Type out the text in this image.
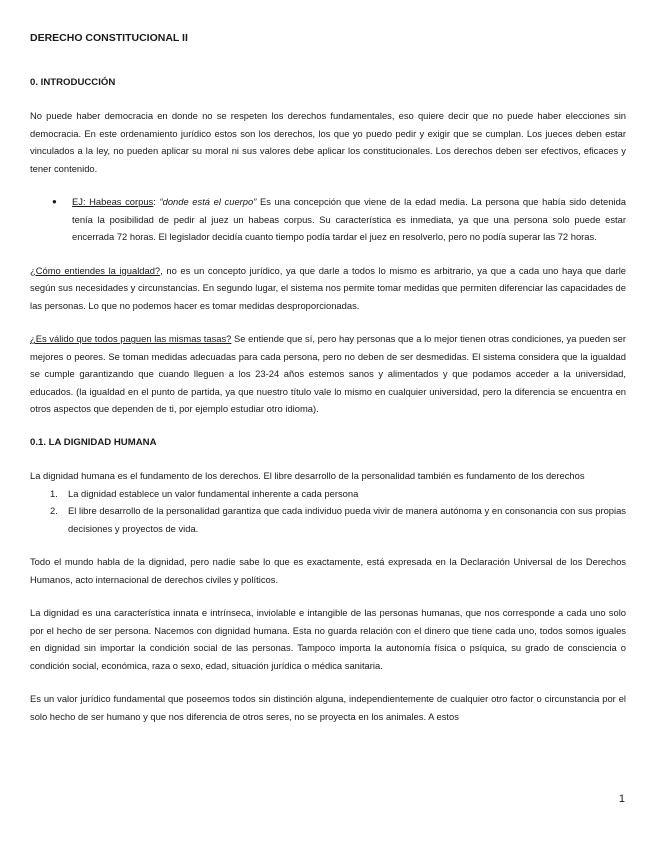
DERECHO CONSTITUCIONAL II
0. INTRODUCCIÓN

No puede haber democracia en donde no se respeten los derechos fundamentales, eso quiere decir que no puede haber elecciones sin democracia. En este ordenamiento jurídico estos son los derechos, los que yo puedo pedir y exigir que se cumplan. Los jueces deben estar vinculados a la ley, no pueden aplicar su moral ni sus valores debe aplicar los constitucionales. Los derechos deben ser efectivos, eficaces y tener contenido.

● EJ: Habeas corpus: “donde está el cuerpo” Es una concepción que viene de la edad media. La persona que había sido detenida tenía la posibilidad de pedir al juez un habeas corpus. Su característica es inmediata, ya que una persona solo puede estar encerrada 72 horas. El legislador decidía cuanto tiempo podía tardar el juez en resolverlo, pero no podía superar las 72 horas.

¿Cómo entiendes la igualdad?, no es un concepto jurídico, ya que darle a todos lo mismo es arbitrario, ya que a cada uno haya que darle según sus necesidades y circunstancias. En segundo lugar, el sistema nos permite tomar medidas que permiten diferenciar las capacidades de las personas. Lo que no podemos hacer es tomar medidas desproporcionadas.

¿Es válido que todos paguen las mismas tasas? Se entiende que sí, pero hay personas que a lo mejor tienen otras condiciones, ya pueden ser mejores o peores. Se toman medidas adecuadas para cada persona, pero no deben de ser desmedidas. El sistema considera que la igualdad se cumple garantizando que cuando lleguen a los 23-24 años estemos sanos y alimentados y que podamos acceder a la universidad, educados. (la igualdad en el punto de partida, ya que nuestro título vale lo mismo en cualquier universidad, pero la diferencia se encuentra en otros aspectos que dependen de ti, por ejemplo estudiar otro idioma).

0.1. LA DIGNIDAD HUMANA

La dignidad humana es el fundamento de los derechos. El libre desarrollo de la personalidad también es fundamento de los derechos

1. La dignidad establece un valor fundamental inherente a cada persona
2. El libre desarrollo de la personalidad garantiza que cada individuo pueda vivir de manera autónoma y en consonancia con sus propias decisiones y proyectos de vida.

Todo el mundo habla de la dignidad, pero nadie sabe lo que es exactamente, está expresada en la Declaración Universal de los Derechos Humanos, acto internacional de derechos civiles y políticos.

La dignidad es una característica innata e intrínseca, inviolable e intangible de las personas humanas, que nos corresponde a cada uno solo por el hecho de ser persona. Nacemos con dignidad humana. Esta no guarda relación con el dinero que tiene cada uno, todos somos iguales en dignidad sin importar la condición social de las personas. Tampoco importa la autonomía física o psíquica, su grado de consciencia o condición social, económica, raza o sexo, edad, situación jurídica o médica sanitaria.

Es un valor jurídico fundamental que poseemos todos sin distinción alguna, independientemente de cualquier otro factor o circunstancia por el solo hecho de ser humano y que nos diferencia de otros seres, no se proyecta en los animales. A estos

1
